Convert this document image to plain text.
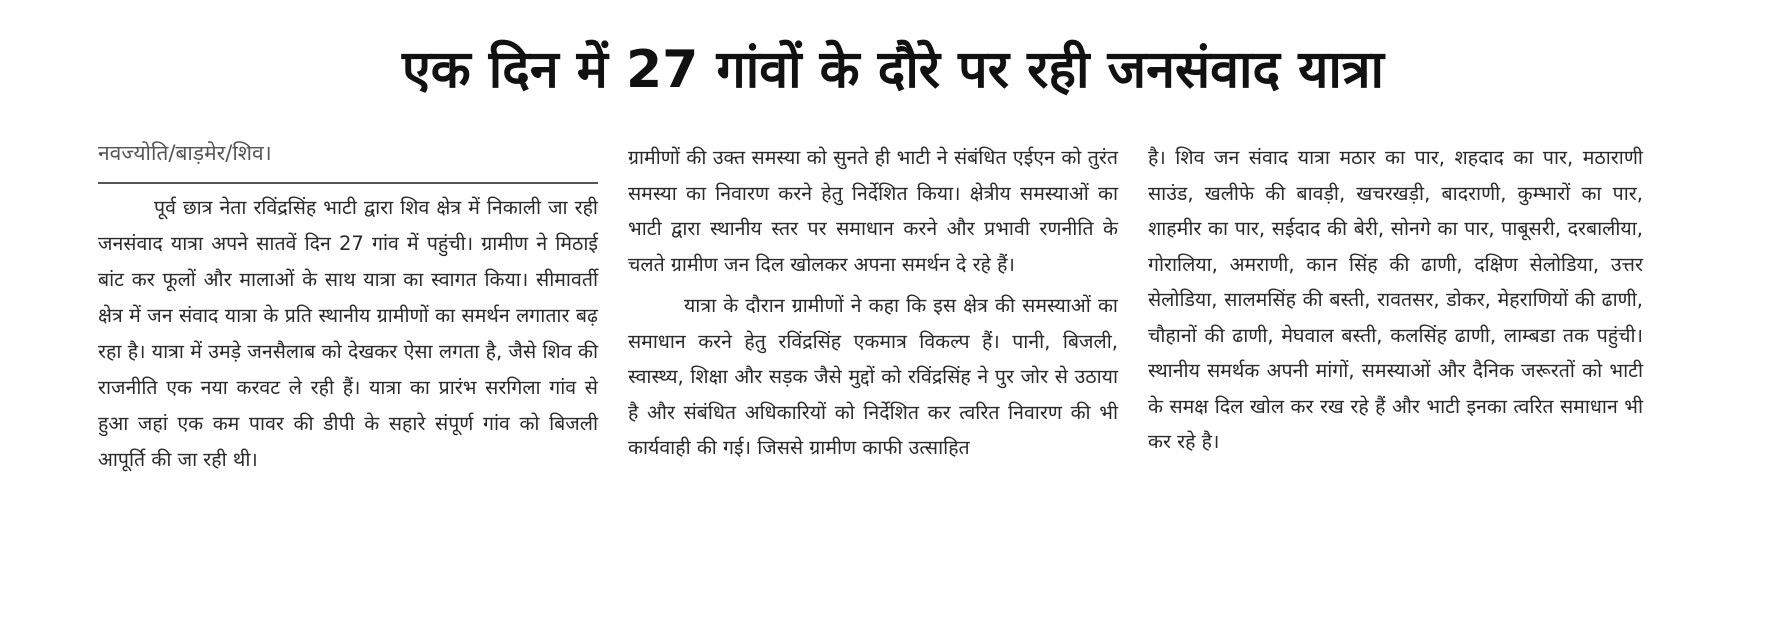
एक दिन में 27 गांवों के दौरे पर रही जनसंवाद यात्रा
नवज्योति/बाड़मेर/शिव।

पूर्व छात्र नेता रविंद्रसिंह भाटी द्वारा शिव क्षेत्र में निकाली जा रही जनसंवाद यात्रा अपने सातवें दिन 27 गांव में पहुंची। ग्रामीण ने मिठाई बांट कर फूलों और मालाओं के साथ यात्रा का स्वागत किया। सीमावर्ती क्षेत्र में जन संवाद यात्रा के प्रति स्थानीय ग्रामीणों का समर्थन लगातार बढ़ रहा है। यात्रा में उमड़े जनसैलाब को देखकर ऐसा लगता है, जैसे शिव की राजनीति एक नया करवट ले रही हैं। यात्रा का प्रारंभ सरगिला गांव से हुआ जहां एक कम पावर की डीपी के सहारे संपूर्ण गांव को बिजली आपूर्ति की जा रही थी।

ग्रामीणों की उक्त समस्या को सुनते ही भाटी ने संबंधित एईएन को तुरंत समस्या का निवारण करने हेतु निर्देशित किया। क्षेत्रीय समस्याओं का भाटी द्वारा स्थानीय स्तर पर समाधान करने और प्रभावी रणनीति के चलते ग्रामीण जन दिल खोलकर अपना समर्थन दे रहे हैं।

यात्रा के दौरान ग्रामीणों ने कहा कि इस क्षेत्र की समस्याओं का समाधान करने हेतु रविंद्रसिंह एकमात्र विकल्प हैं। पानी, बिजली, स्वास्थ्य, शिक्षा और सड़क जैसे मुद्दों को रविंद्रसिंह ने पुर जोर से उठाया है और संबंधित अधिकारियों को निर्देशित कर त्वरित निवारण की भी कार्यवाही की गई। जिससे ग्रामीण काफी उत्साहित

है। शिव जन संवाद यात्रा मठार का पार, शहदाद का पार, मठाराणी साउंड, खलीफे की बावड़ी, खचरखड़ी, बादराणी, कुम्भारों का पार, शाहमीर का पार, सईदाद की बेरी, सोनगे का पार, पाबूसरी, दरबालीया, गोरालिया, अमराणी, कान सिंह की ढाणी, दक्षिण सेलोडिया, उत्तर सेलोडिया, सालमसिंह की बस्ती, रावतसर, डोकर, मेहराणियों की ढाणी, चौहानों की ढाणी, मेघवाल बस्ती, कलसिंह ढाणी, लाम्बडा तक पहुंची। स्थानीय समर्थक अपनी मांगों, समस्याओं और दैनिक जरूरतों को भाटी के समक्ष दिल खोल कर रख रहे हैं और भाटी इनका त्वरित समाधान भी कर रहे है।
